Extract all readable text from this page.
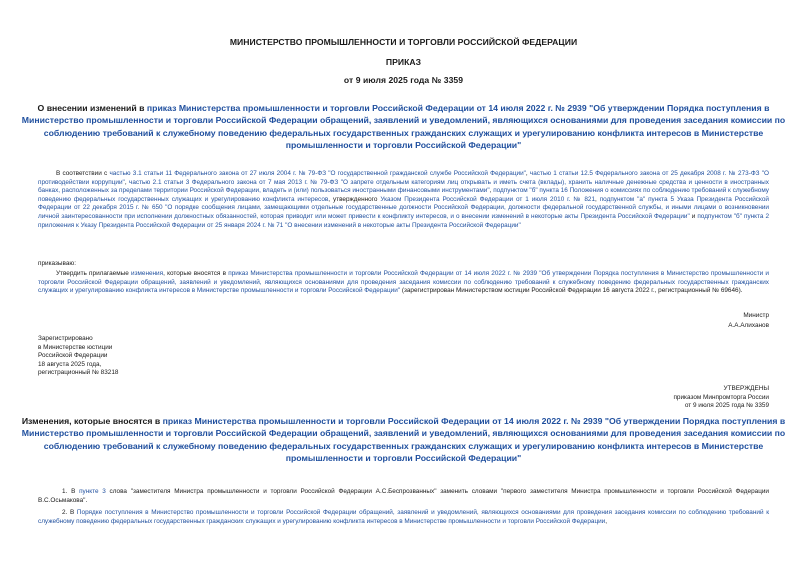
МИНИСТЕРСТВО ПРОМЫШЛЕННОСТИ И ТОРГОВЛИ РОССИЙСКОЙ ФЕДЕРАЦИИ
ПРИКАЗ
от 9 июля 2025 года № 3359
О внесении изменений в приказ Министерства промышленности и торговли Российской Федерации от 14 июля 2022 г. № 2939 "Об утверждении Порядка поступления в Министерство промышленности и торговли Российской Федерации обращений, заявлений и уведомлений, являющихся основаниями для проведения заседания комиссии по соблюдению требований к служебному поведению федеральных государственных гражданских служащих и урегулированию конфликта интересов в Министерстве промышленности и торговли Российской Федерации"
В соответствии с частью 3.1 статьи 11 Федерального закона от 27 июля 2004 г. № 79-ФЗ "О государственной гражданской службе Российской Федерации", частью 1 статьи 12.5 Федерального закона от 25 декабря 2008 г. № 273-ФЗ "О противодействии коррупции", частью 2.1 статьи 3 Федерального закона от 7 мая 2013 г. № 79-ФЗ "О запрете отдельным категориям лиц открывать и иметь счета (вклады), хранить наличные денежные средства и ценности в иностранных банках, расположенных за пределами территории Российской Федерации, владеть и (или) пользоваться иностранными финансовыми инструментами", подпунктом "б" пункта 16 Положения о комиссиях по соблюдению требований к служебному поведению федеральных государственных служащих и урегулированию конфликта интересов, утвержденного Указом Президента Российской Федерации от 1 июля 2010 г. № 821, подпунктом "а" пункта 5 Указа Президента Российской Федерации от 22 декабря 2015 г. № 650 "О порядке сообщения лицами, замещающими отдельные государственные должности Российской Федерации, должности федеральной государственной службы, и иными лицами о возникновении личной заинтересованности при исполнении должностных обязанностей, которая приводит или может привести к конфликту интересов, и о внесении изменений в некоторые акты Президента Российской Федерации" и подпунктом "б" пункта 2 приложения к Указу Президента Российской Федерации от 25 января 2024 г. № 71 "О внесении изменений в некоторые акты Президента Российской Федерации"
приказываю:
Утвердить прилагаемые изменения, которые вносятся в приказ Министерства промышленности и торговли Российской Федерации от 14 июля 2022 г. № 2939 "Об утверждении Порядка поступления в Министерство промышленности и торговли Российской Федерации обращений, заявлений и уведомлений, являющихся основаниями для проведения заседания комиссии по соблюдению требований к служебному поведению федеральных государственных гражданских служащих и урегулированию конфликта интересов в Министерстве промышленности и торговли Российской Федерации" (зарегистрирован Министерством юстиции Российской Федерации 16 августа 2022 г., регистрационный № 69646).
Министр
А.А.Алиханов
Зарегистрировано
в Министерстве юстиции
Российской Федерации
18 августа 2025 года,
регистрационный № 83218
УТВЕРЖДЕНЫ
приказом Минпромторга России
от 9 июля 2025 года № 3359
Изменения, которые вносятся в приказ Министерства промышленности и торговли Российской Федерации от 14 июля 2022 г. № 2939 "Об утверждении Порядка поступления в Министерство промышленности и торговли Российской Федерации обращений, заявлений и уведомлений, являющихся основаниями для проведения заседания комиссии по соблюдению требований к служебному поведению федеральных государственных гражданских служащих и урегулированию конфликта интересов в Министерстве промышленности и торговли Российской Федерации"
1. В пункте 3 слова "заместителя Министра промышленности и торговли Российской Федерации А.С.Беспрозванных" заменить словами "первого заместителя Министра промышленности и торговли Российской Федерации В.С.Осьмакова".
2. В Порядке поступления в Министерство промышленности и торговли Российской Федерации обращений, заявлений и уведомлений, являющихся основаниями для проведения заседания комиссии по соблюдению требований к служебному поведению федеральных государственных гражданских служащих и урегулированию конфликта интересов в Министерстве промышленности и торговли Российской Федерации,
